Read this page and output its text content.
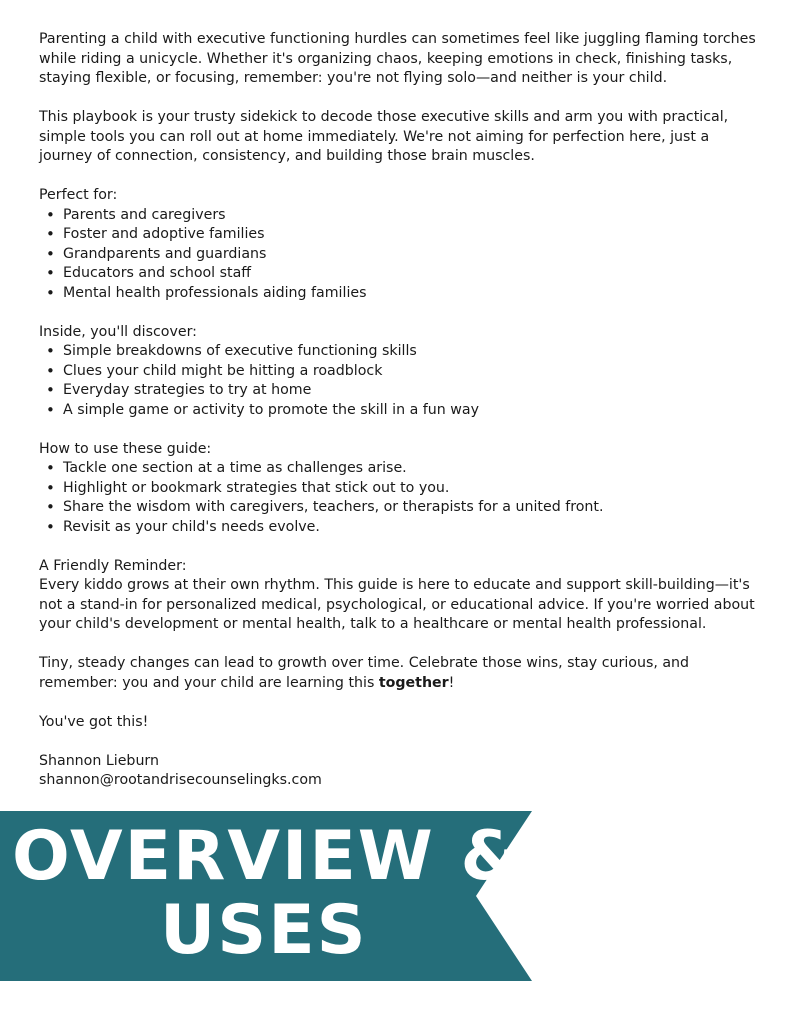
Parenting a child with executive functioning hurdles can sometimes feel like juggling flaming torches while riding a unicycle. Whether it's organizing chaos, keeping emotions in check, finishing tasks, staying flexible, or focusing, remember: you're not flying solo—and neither is your child.

This playbook is your trusty sidekick to decode those executive skills and arm you with practical, simple tools you can roll out at home immediately. We're not aiming for perfection here, just a journey of connection, consistency, and building those brain muscles.

Perfect for:

• Parents and caregivers
• Foster and adoptive families
• Grandparents and guardians
• Educators and school staff
• Mental health professionals aiding families

Inside, you'll discover:

• Simple breakdowns of executive functioning skills
• Clues your child might be hitting a roadblock
• Everyday strategies to try at home
• A simple game or activity to promote the skill in a fun way

How to use these guide:

• Tackle one section at a time as challenges arise.
• Highlight or bookmark strategies that stick out to you.
• Share the wisdom with caregivers, teachers, or therapists for a united front.
• Revisit as your child's needs evolve.

A Friendly Reminder:

Every kiddo grows at their own rhythm. This guide is here to educate and support skill-building—it's not a stand-in for personalized medical, psychological, or educational advice. If you're worried about your child's development or mental health, talk to a healthcare or mental health professional.

Tiny, steady changes can lead to growth over time. Celebrate those wins, stay curious, and remember: you and your child are learning this together!

You've got this!

Shannon Lieburn

shannon@rootandrisecounselingks.com

OVERVIEW &
USES
